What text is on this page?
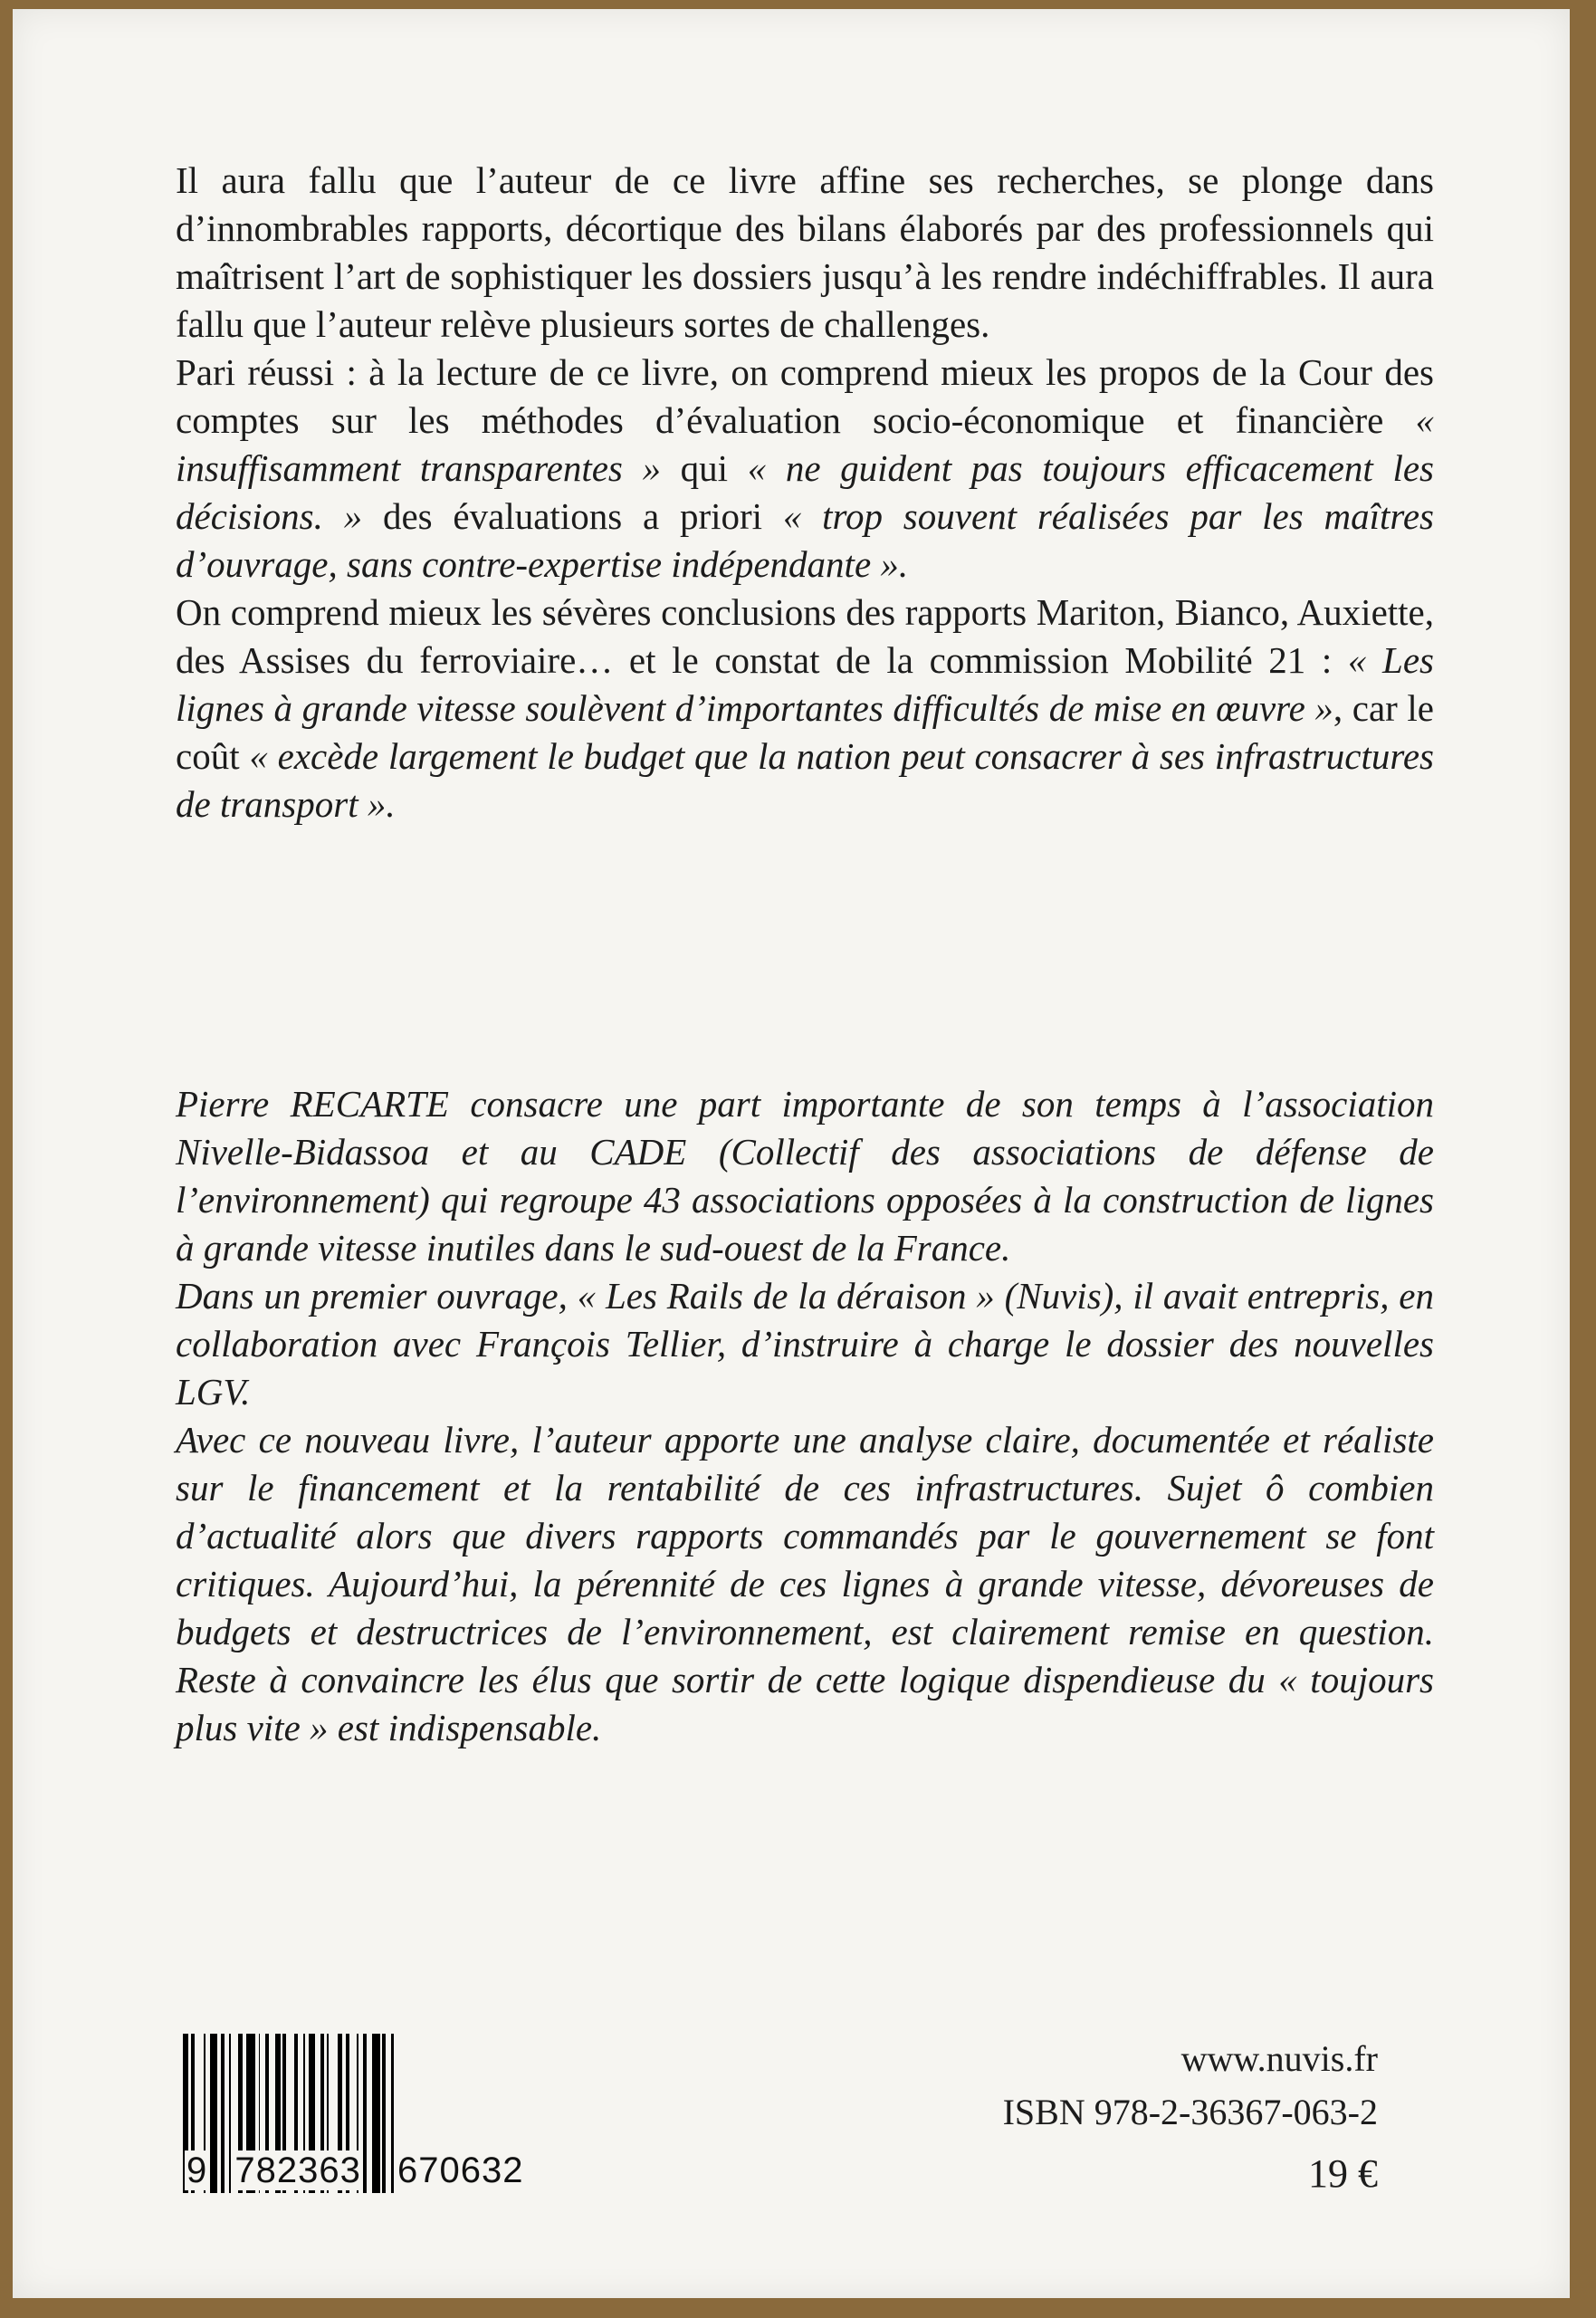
Il aura fallu que l’auteur de ce livre affine ses recherches, se plonge dans d’innombrables rapports, décortique des bilans élaborés par des professionnels qui maîtrisent l’art de sophistiquer les dossiers jusqu’à les rendre indéchiffrables. Il aura fallu que l’auteur relève plusieurs sortes de challenges.

Pari réussi : à la lecture de ce livre, on comprend mieux les propos de la Cour des comptes sur les méthodes d’évaluation socio-économique et financière « insuffisamment transparentes » qui « ne guident pas toujours efficacement les décisions. » des évaluations a priori « trop souvent réalisées par les maîtres d’ouvrage, sans contre-expertise indépendante ».

On comprend mieux les sévères conclusions des rapports Mariton, Bianco, Auxiette, des Assises du ferroviaire… et le constat de la commission Mobilité 21 : « Les lignes à grande vitesse soulèvent d’importantes difficultés de mise en œuvre », car le coût « excède largement le budget que la nation peut consacrer à ses infrastructures de transport ».

Pierre RECARTE consacre une part importante de son temps à l’association Nivelle-Bidassoa et au CADE (Collectif des associations de défense de l’environnement) qui regroupe 43 associations opposées à la construction de lignes à grande vitesse inutiles dans le sud-ouest de la France.

Dans un premier ouvrage, « Les Rails de la déraison » (Nuvis), il avait entrepris, en collaboration avec François Tellier, d’instruire à charge le dossier des nouvelles LGV.

Avec ce nouveau livre, l’auteur apporte une analyse claire, documentée et réaliste sur le financement et la rentabilité de ces infrastructures. Sujet ô combien d’actualité alors que divers rapports commandés par le gouvernement se font critiques. Aujourd’hui, la pérennité de ces lignes à grande vitesse, dévoreuses de budgets et destructrices de l’environnement, est clairement remise en question. Reste à convaincre les élus que sortir de cette logique dispendieuse du « toujours plus vite » est indispensable.

9 782363 670632
www.nuvis.fr
ISBN 978-2-36367-063-2
19 €
